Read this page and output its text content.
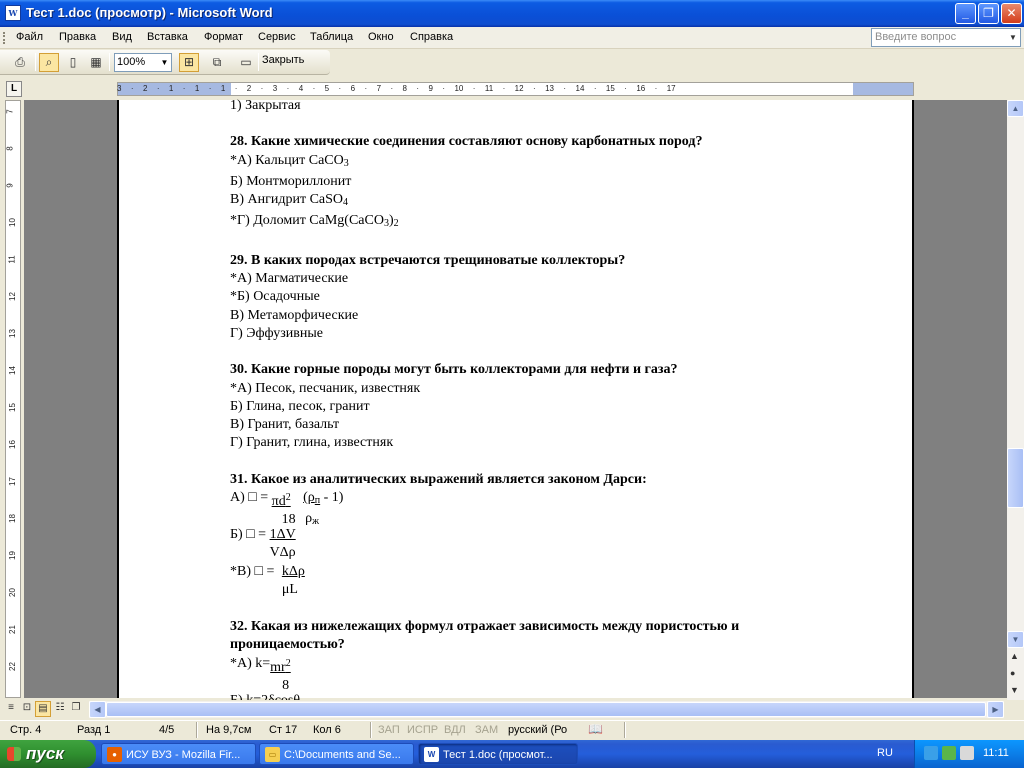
W Тест 1.doc (просмотр) - Microsoft Word	_	❐	✕
Файл Правка Вид Вставка Формат Сервис Таблица Окно Справка	Введите вопрос	▼
⎙	⌕	▯	▦	⊞	⧉	▭
100%	▼	Закрыть
L	3 · 2 · 1 · 1 · 1 · 2 · 3 · 4 · 5 · 6 · 7 · 8 · 9 · 10 · 11 · 12 · 13 · 14 · 15 · 16 · 17
7
8
9
10
11
12
13
14
15
16
17
18
19
20
21
22
1) Закрытая
28. Какие химические соединения составляют основу карбонатных пород?
*А) Кальцит CaCO$_3$
Б) Монтмориллонит
В) Ангидрит CaSO$_4$
*Г) Доломит $CaMg(CaCO_3)_2$
29. В каких породах встречаются трещиноватые коллекторы?
*А) Магматические
*Б) Осадочные
В) Метаморфические
Г) Эффузивные
30. Какие горные породы могут быть коллекторами для нефти и газа?
*А) Песок, песчаник, известняк
Б) Глина, песок, гранит
В) Гранит, базальт
Г) Гранит, глина, известняк
31. Какое из аналитических выражений является законом Дарси:
А) □ = $\frac{\pi d^2}{18} (\rho_п - 1)$
$\rho_ж$
Б) □ = $\frac{1\Delta V}{\text{VΔρ}}$
*В) □ = $\frac{\text{kΔρ}}{\mu L}$
32. Какая из нижележащих формул отражает зависимость между пористостью и проницаемостью?
*А) $k=\frac{mr^2}{8}$
▲
▼
▲
●
▼
≡ ⊡ ▤ ☷ ❐	◀	▶
Стр. 4	Разд 1	4/5	На 9,7см Ст 17 Кол 6	ЗАП ИСПР ВДЛ ЗАМ русский (Ро 📖
пуск	● ИСУ ВУЗ - Mozilla Fir...	▭ C:\Documents and Se...	W Тест 1.doc (просмот...	RU	11:11
